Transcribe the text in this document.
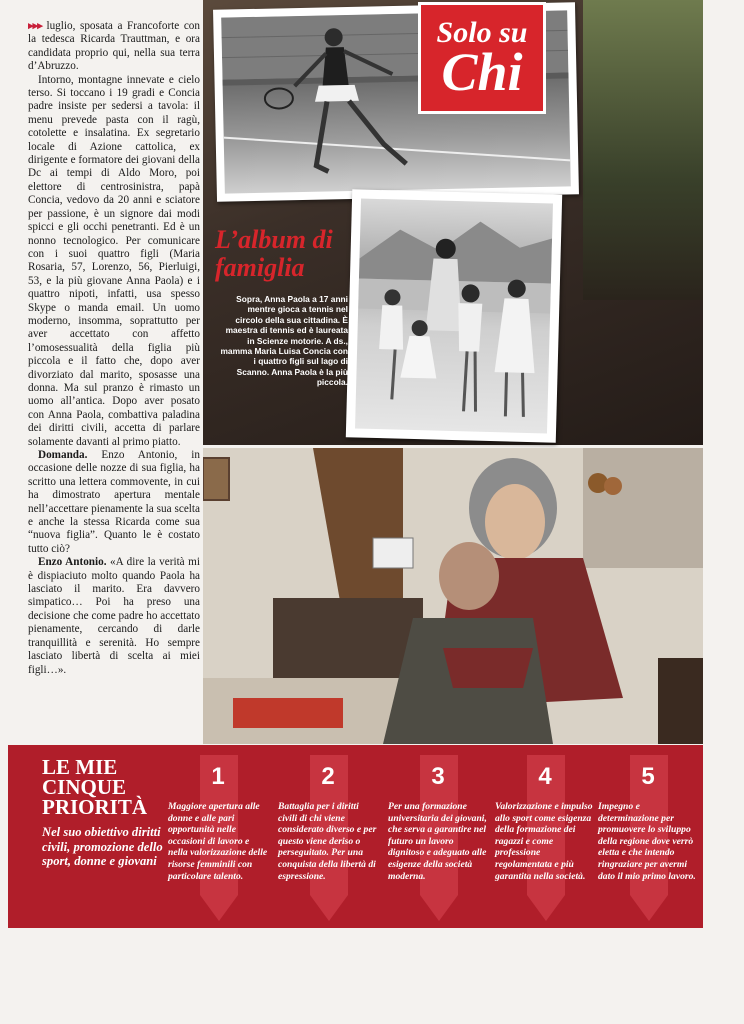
▸▸▸ luglio, sposata a Francoforte con la tedesca Ricarda Trauttman, e ora candidata proprio qui, nella sua terra d’Abruzzo.

Intorno, montagne innevate e cielo terso. Si toccano i 19 gradi e Concia padre insiste per sedersi a tavola: il menu prevede pasta con il ragù, cotolette e insalatina. Ex segretario locale di Azione cattolica, ex dirigente e formatore dei giovani della Dc ai tempi di Aldo Moro, poi elettore di centrosinistra, papà Concia, vedovo da 20 anni e sciatore per passione, è un signore dai modi spicci e gli occhi penetranti. Ed è un nonno tecnologico. Per comunicare con i suoi quattro figli (Maria Rosaria, 57, Lorenzo, 56, Pierluigi, 53, e la più giovane Anna Paola) e i quattro nipoti, infatti, usa spesso Skype o manda email. Un uomo moderno, insomma, soprattutto per aver accettato con affetto l’omosessualità della figlia più piccola e il fatto che, dopo aver divorziato dal marito, sposasse una donna. Ma sul pranzo è rimasto un uomo all’antica. Dopo aver posato con Anna Paola, combattiva paladina dei diritti civili, accetta di parlare solamente davanti al primo piatto.

Domanda. Enzo Antonio, in occasione delle nozze di sua figlia, ha scritto una lettera commovente, in cui ha dimostrato apertura mentale nell’accettare pienamente la sua scelta e anche la stessa Ricarda come sua “nuova figlia”. Quanto le è costato tutto ciò?

Enzo Antonio. «A dire la verità mi è dispiaciuto molto quando Paola ha lasciato il marito. Era davvero simpatico… Poi ha preso una decisione che come padre ho accettato pienamente, cercando di darle tranquillità e serenità. Ho sempre lasciato libertà di scelta ai miei figli…».

Solo su
Chi
L’album di famiglia
Sopra, Anna Paola a 17 anni mentre gioca a tennis nel circolo della sua cittadina. È maestra di tennis ed è laureata in Scienze motorie. A ds., mamma Maria Luisa Concia con i quattro figli sul lago di Scanno. Anna Paola è la più piccola.
LE MIE CINQUE PRIORITÀ
Nel suo obiettivo diritti civili, promozione dello sport, donne e giovani
1
Maggiore apertura alle donne e alle pari opportunità nelle occasioni di lavoro e nella valorizzazione delle risorse femminili con particolare talento.
2
Battaglia per i diritti civili di chi viene considerato diverso e per questo viene deriso o perseguitato. Per una conquista della libertà di espressione.
3
Per una formazione universitaria dei giovani, che serva a garantire nel futuro un lavoro dignitoso e adeguato alle esigenze della società moderna.
4
Valorizzazione e impulso allo sport come esigenza della formazione dei ragazzi e come professione regolamentata e più garantita nella società.
5
Impegno e determinazione per promuovere lo sviluppo della regione dove verrò eletta e che intendo ringraziare per avermi dato il mio primo lavoro.
